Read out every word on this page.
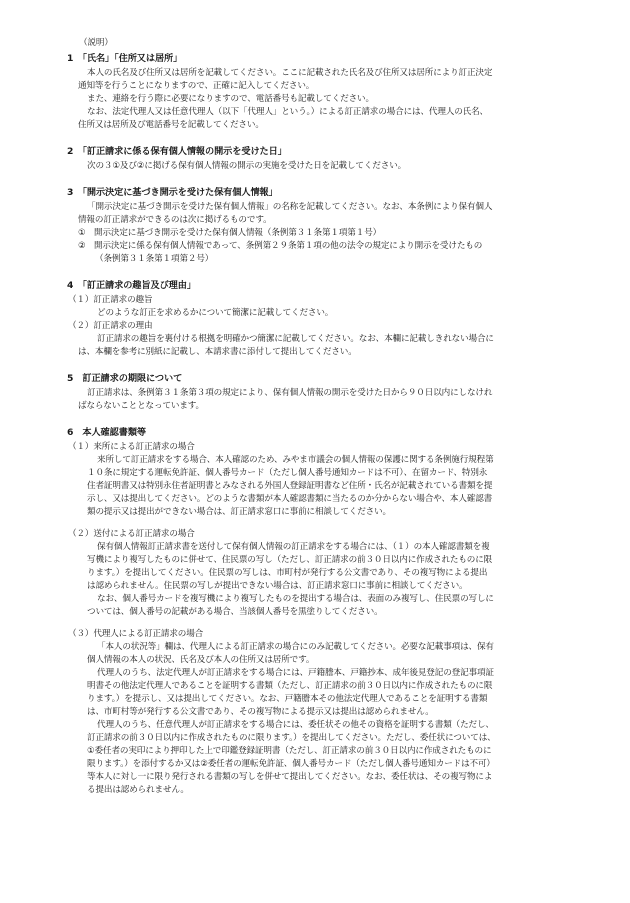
（説明）
1　「氏名」「住所又は居所」
本人の氏名及び住所又は居所を記載してください。ここに記載された氏名及び住所又は居所により訂正決定
通知等を行うことになりますので、正確に記入してください。
また、連絡を行う際に必要になりますので、電話番号も記載してください。
なお、法定代理人又は任意代理人（以下「代理人」という。）による訂正請求の場合には、代理人の氏名、
住所又は居所及び電話番号を記載してください。
2　「訂正請求に係る保有個人情報の開示を受けた日」
次の３①及び②に掲げる保有個人情報の開示の実施を受けた日を記載してください。
3　「開示決定に基づき開示を受けた保有個人情報」
「開示決定に基づき開示を受けた保有個人情報」の名称を記載してください。なお、本条例により保有個人
情報の訂正請求ができるのは次に掲げるものです。
①　開示決定に基づき開示を受けた保有個人情報（条例第３１条第１項第１号）
②　開示決定に係る保有個人情報であって、条例第２９条第１項の他の法令の規定により開示を受けたもの
（条例第３１条第１項第２号）
4　「訂正請求の趣旨及び理由」
（１）訂正請求の趣旨
どのような訂正を求めるかについて簡潔に記載してください。
（２）訂正請求の理由
訂正請求の趣旨を裏付ける根拠を明確かつ簡潔に記載してください。なお、本欄に記載しきれない場合に
は、本欄を参考に別紙に記載し、本請求書に添付して提出してください。
5　訂正請求の期限について
訂正請求は、条例第３１条第３項の規定により、保有個人情報の開示を受けた日から９０日以内にしなけれ
ばならないこととなっています。
6　本人確認書類等
（１）来所による訂正請求の場合
来所して訂正請求をする場合、本人確認のため、みやま市議会の個人情報の保護に関する条例施行規程第
１０条に規定する運転免許証、個人番号カード（ただし個人番号通知カードは不可）、在留カード、特別永
住者証明書又は特別永住者証明書とみなされる外国人登録証明書など住所・氏名が記載されている書類を提
示し、又は提出してください。どのような書類が本人確認書類に当たるのか分からない場合や、本人確認書
類の提示又は提出ができない場合は、訂正請求窓口に事前に相談してください。
（２）送付による訂正請求の場合
保有個人情報訂正請求書を送付して保有個人情報の訂正請求をする場合には、（１）の本人確認書類を複
写機により複写したものに併せて、住民票の写し（ただし、訂正請求の前３０日以内に作成されたものに限
ります。）を提出してください。住民票の写しは、市町村が発行する公文書であり、その複写物による提出
は認められません。住民票の写しが提出できない場合は、訂正請求窓口に事前に相談してください。
なお、個人番号カードを複写機により複写したものを提出する場合は、表面のみ複写し、住民票の写しに
ついては、個人番号の記載がある場合、当該個人番号を黒塗りしてください。
（３）代理人による訂正請求の場合
「本人の状況等」欄は、代理人による訂正請求の場合にのみ記載してください。必要な記載事項は、保有
個人情報の本人の状況、氏名及び本人の住所又は居所です。
代理人のうち、法定代理人が訂正請求をする場合には、戸籍謄本、戸籍抄本、成年後見登記の登記事項証
明書その他法定代理人であることを証明する書類（ただし、訂正請求の前３０日以内に作成されたものに限
ります。）を提示し、又は提出してください。なお、戸籍謄本その他法定代理人であることを証明する書類
は、市町村等が発行する公文書であり、その複写物による提示又は提出は認められません。
代理人のうち、任意代理人が訂正請求をする場合には、委任状その他その資格を証明する書類（ただし、
訂正請求の前３０日以内に作成されたものに限ります。）を提出してください。ただし、委任状については、
①委任者の実印により押印した上で印鑑登録証明書（ただし、訂正請求の前３０日以内に作成されたものに
限ります。）を添付するか又は②委任者の運転免許証、個人番号カード（ただし個人番号通知カードは不可）
等本人に対し一に限り発行される書類の写しを併せて提出してください。なお、委任状は、その複写物によ
る提出は認められません。
